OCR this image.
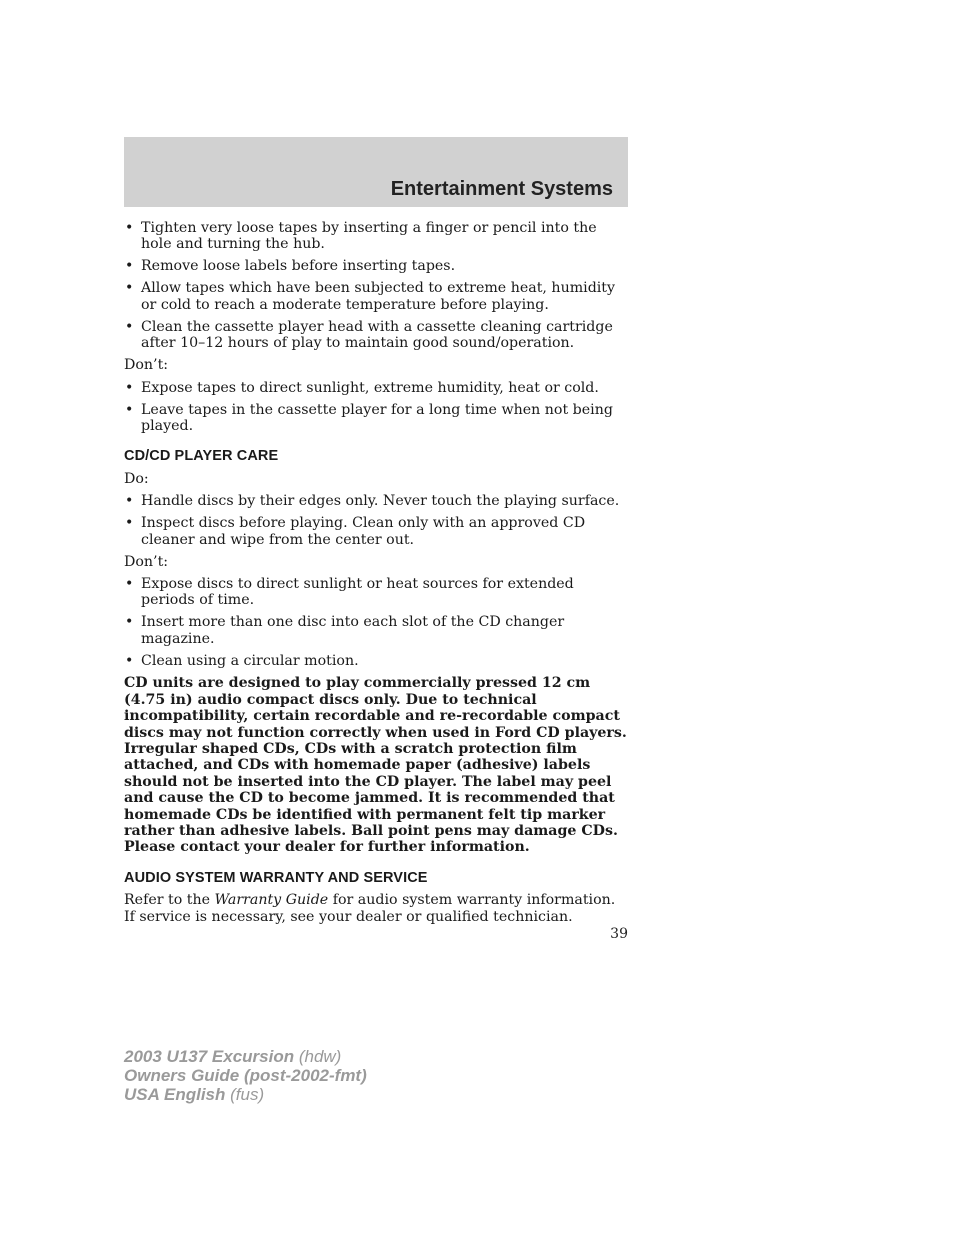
Entertainment Systems
• Tighten very loose tapes by inserting a finger or pencil into the hole and turning the hub.
• Remove loose labels before inserting tapes.
• Allow tapes which have been subjected to extreme heat, humidity or cold to reach a moderate temperature before playing.
• Clean the cassette player head with a cassette cleaning cartridge after 10–12 hours of play to maintain good sound/operation.

Don’t:

• Expose tapes to direct sunlight, extreme humidity, heat or cold.
• Leave tapes in the cassette player for a long time when not being played.
CD/CD PLAYER CARE

Do:

• Handle discs by their edges only. Never touch the playing surface.
• Inspect discs before playing. Clean only with an approved CD cleaner and wipe from the center out.

Don’t:

• Expose discs to direct sunlight or heat sources for extended periods of time.
• Insert more than one disc into each slot of the CD changer magazine.
• Clean using a circular motion.

CD units are designed to play commercially pressed 12 cm (4.75 in) audio compact discs only. Due to technical incompatibility, certain recordable and re-recordable compact discs may not function correctly when used in Ford CD players. Irregular shaped CDs, CDs with a scratch protection film attached, and CDs with homemade paper (adhesive) labels should not be inserted into the CD player. The label may peel and cause the CD to become jammed. It is recommended that homemade CDs be identified with permanent felt tip marker rather than adhesive labels. Ball point pens may damage CDs. Please contact your dealer for further information.

AUDIO SYSTEM WARRANTY AND SERVICE

Refer to the Warranty Guide for audio system warranty information. If service is necessary, see your dealer or qualified technician.

39
2003 U137 Excursion (hdw)
Owners Guide (post-2002-fmt)
USA English (fus)
